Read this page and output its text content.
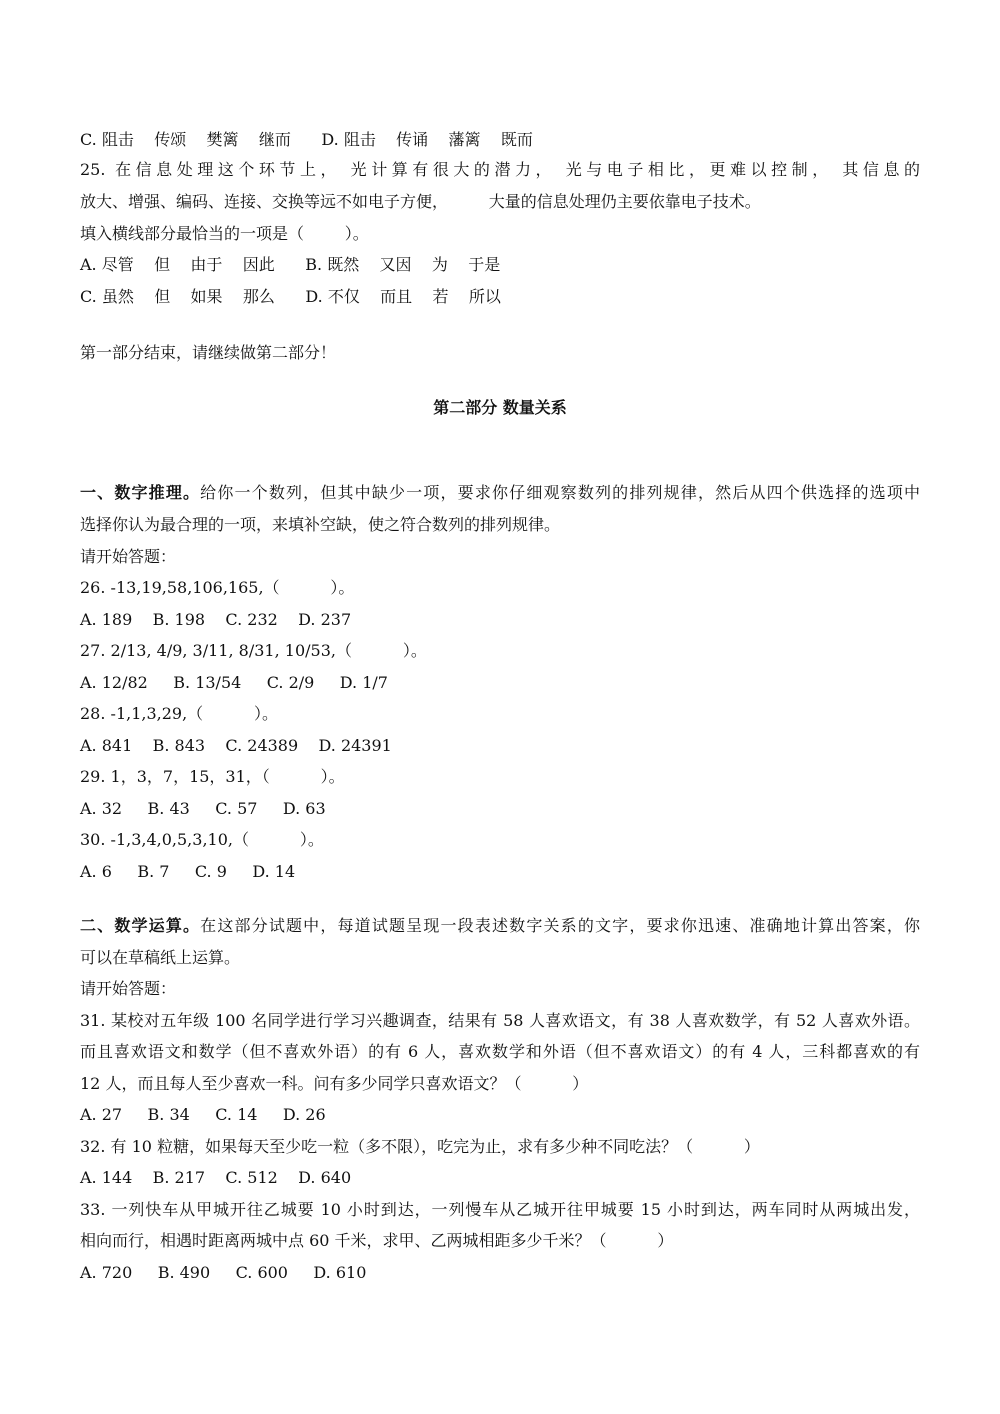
C. 阻击    传颂    樊篱    继而      D. 阻击    传诵    藩篱    既而
25. 在信息处理这个环节上， 光计算有很大的潜力， 光与电子相比，更难以控制， 其信息的
放大、增强、编码、连接、交换等远不如电子方便，        大量的信息处理仍主要依靠电子技术。
填入横线部分最恰当的一项是（        ）。
A. 尽管    但    由于    因此      B. 既然    又因    为    于是
C. 虽然    但    如果    那么      D. 不仅    而且    若    所以
第一部分结束，请继续做第二部分！
第二部分 数量关系
一、数字推理。给你一个数列，但其中缺少一项，要求你仔细观察数列的排列规律，然后从四个供选择的选项中
选择你认为最合理的一项，来填补空缺，使之符合数列的排列规律。
请开始答题：
26. -13,19,58,106,165,（          ）。
A. 189    B. 198    C. 232    D. 237
27. 2/13, 4/9, 3/11, 8/31, 10/53,（          ）。
A. 12/82     B. 13/54     C. 2/9     D. 1/7
28. -1,1,3,29,（          ）。
A. 841    B. 843    C. 24389    D. 24391
29. 1，3，7，15，31，（          ）。
A. 32     B. 43     C. 57     D. 63
30. -1,3,4,0,5,3,10,（          ）。
A. 6     B. 7     C. 9     D. 14
二、数学运算。在这部分试题中，每道试题呈现一段表述数字关系的文字，要求你迅速、准确地计算出答案，你
可以在草稿纸上运算。
请开始答题：
31. 某校对五年级 100 名同学进行学习兴趣调查，结果有 58 人喜欢语文，有 38 人喜欢数学，有 52 人喜欢外语。
而且喜欢语文和数学（但不喜欢外语）的有 6 人，喜欢数学和外语（但不喜欢语文）的有 4 人，三科都喜欢的有
12 人，而且每人至少喜欢一科。问有多少同学只喜欢语文？（          ）
A. 27     B. 34     C. 14     D. 26
32. 有 10 粒糖，如果每天至少吃一粒（多不限），吃完为止，求有多少种不同吃法？（          ）
A. 144    B. 217    C. 512    D. 640
33. 一列快车从甲城开往乙城要 10 小时到达，一列慢车从乙城开往甲城要 15 小时到达，两车同时从两城出发，
相向而行，相遇时距离两城中点 60 千米，求甲、乙两城相距多少千米？（          ）
A. 720     B. 490     C. 600     D. 610
